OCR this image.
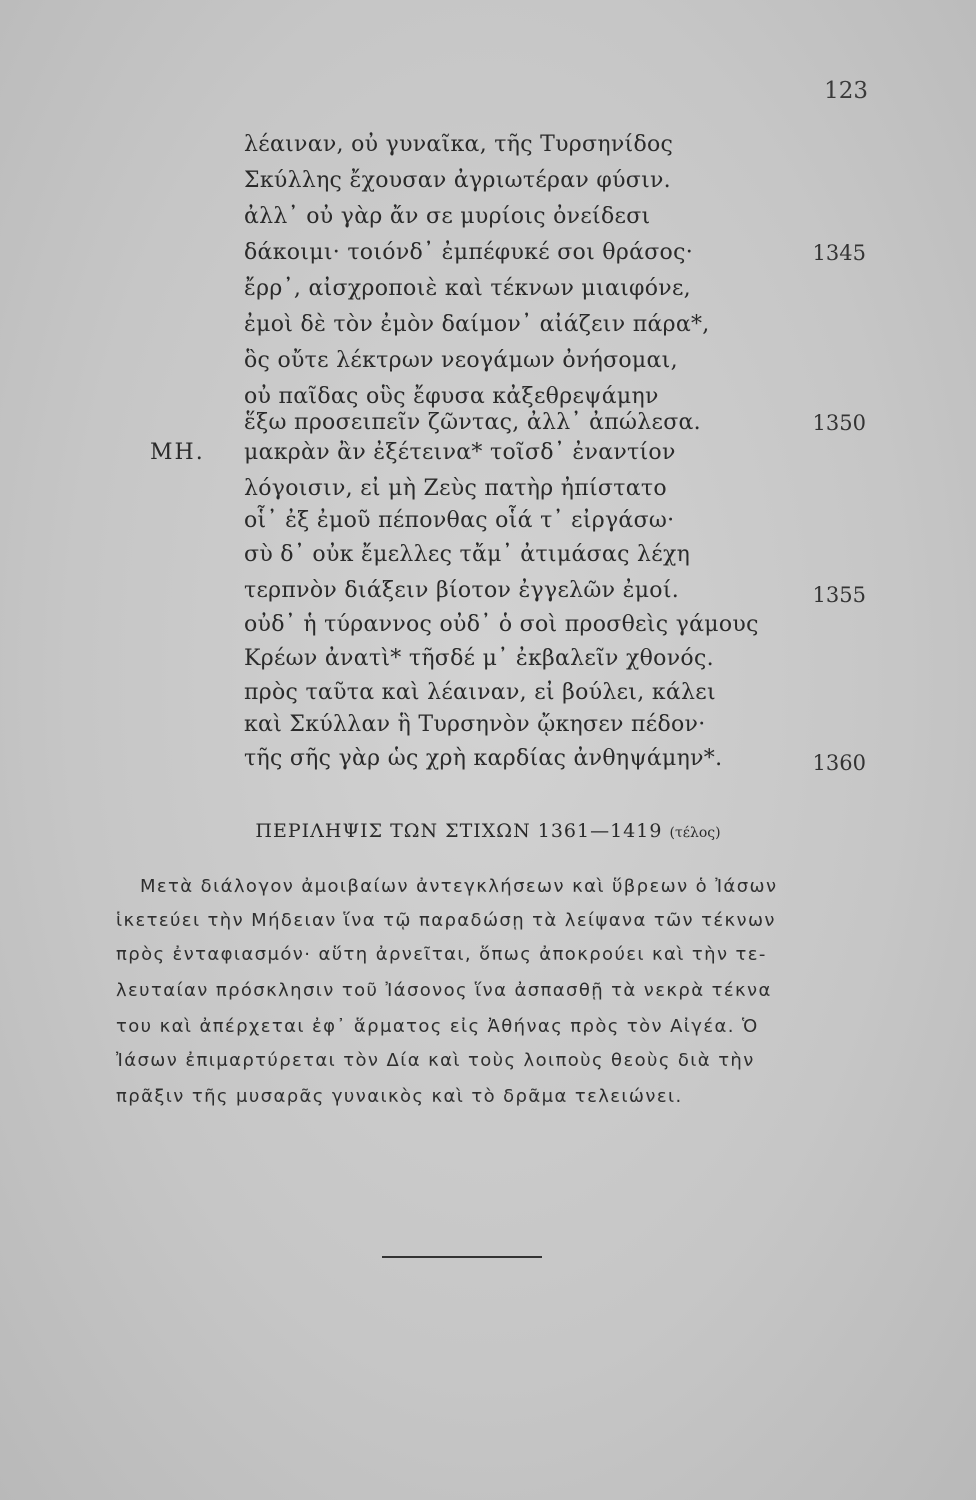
123
ΜΗ.
λέαιναν, οὐ γυναῖκα, τῆς Τυρσηνίδος
Σκύλλης ἔχουσαν ἀγριωτέραν φύσιν.
ἀλλ᾽ οὐ γὰρ ἄν σε μυρίοις ὀνείδεσι
δάκοιμι· τοιόνδ᾽ ἐμπέφυκέ σοι θράσος·	1345
ἔρρ᾽, αἰσχροποιὲ καὶ τέκνων μιαιφόνε,
ἐμοὶ δὲ τὸν ἐμὸν δαίμον᾽ αἰάζειν πάρα*,
ὃς οὔτε λέκτρων νεογάμων ὀνήσομαι,
οὐ παῖδας οὓς ἔφυσα κἀξεθρεψάμην
ἕξω προσειπεῖν ζῶντας, ἀλλ᾽ ἀπώλεσα.	1350
μακρὰν ἂν ἐξέτεινα* τοῖσδ᾽ ἐναντίον
λόγοισιν, εἰ μὴ Ζεὺς πατὴρ ἠπίστατο
οἷ᾽ ἐξ ἐμοῦ πέπονθας οἷά τ᾽ εἰργάσω·
σὺ δ᾽ οὐκ ἔμελλες τἄμ᾽ ἀτιμάσας λέχη
τερπνὸν διάξειν βίοτον ἐγγελῶν ἐμοί.	1355
οὐδ᾽ ἡ τύραννος οὐδ᾽ ὁ σοὶ προσθεὶς γάμους
Κρέων ἀνατὶ* τῆσδέ μ᾽ ἐκβαλεῖν χθονός.
πρὸς ταῦτα καὶ λέαιναν, εἰ βούλει, κάλει
καὶ Σκύλλαν ἣ Τυρσηνὸν ᾤκησεν πέδον·
τῆς σῆς γὰρ ὡς χρὴ καρδίας ἀνθηψάμην*.	1360
ΠΕΡΙΛΗΨΙΣ ΤΩΝ ΣΤΙΧΩΝ 1361—1419 (τέλος)
Μετὰ διάλογον ἀμοιβαίων ἀντεγκλήσεων καὶ ὕβρεων ὁ Ἰάσων
ἱκετεύει τὴν Μήδειαν ἵνα τῷ παραδώσῃ τὰ λείψανα τῶν τέκνων
πρὸς ἐνταφιασμόν· αὕτη ἀρνεῖται, ὅπως ἀποκρούει καὶ τὴν τε-
λευταίαν πρόσκλησιν τοῦ Ἰάσονος ἵνα ἀσπασθῇ τὰ νεκρὰ τέκνα
του καὶ ἀπέρχεται ἐφ᾽ ἅρματος εἰς Ἀθήνας πρὸς τὸν Αἰγέα. Ὁ
Ἰάσων ἐπιμαρτύρεται τὸν Δία καὶ τοὺς λοιποὺς θεοὺς διὰ τὴν
πρᾶξιν τῆς μυσαρᾶς γυναικὸς καὶ τὸ δρᾶμα τελειώνει.
